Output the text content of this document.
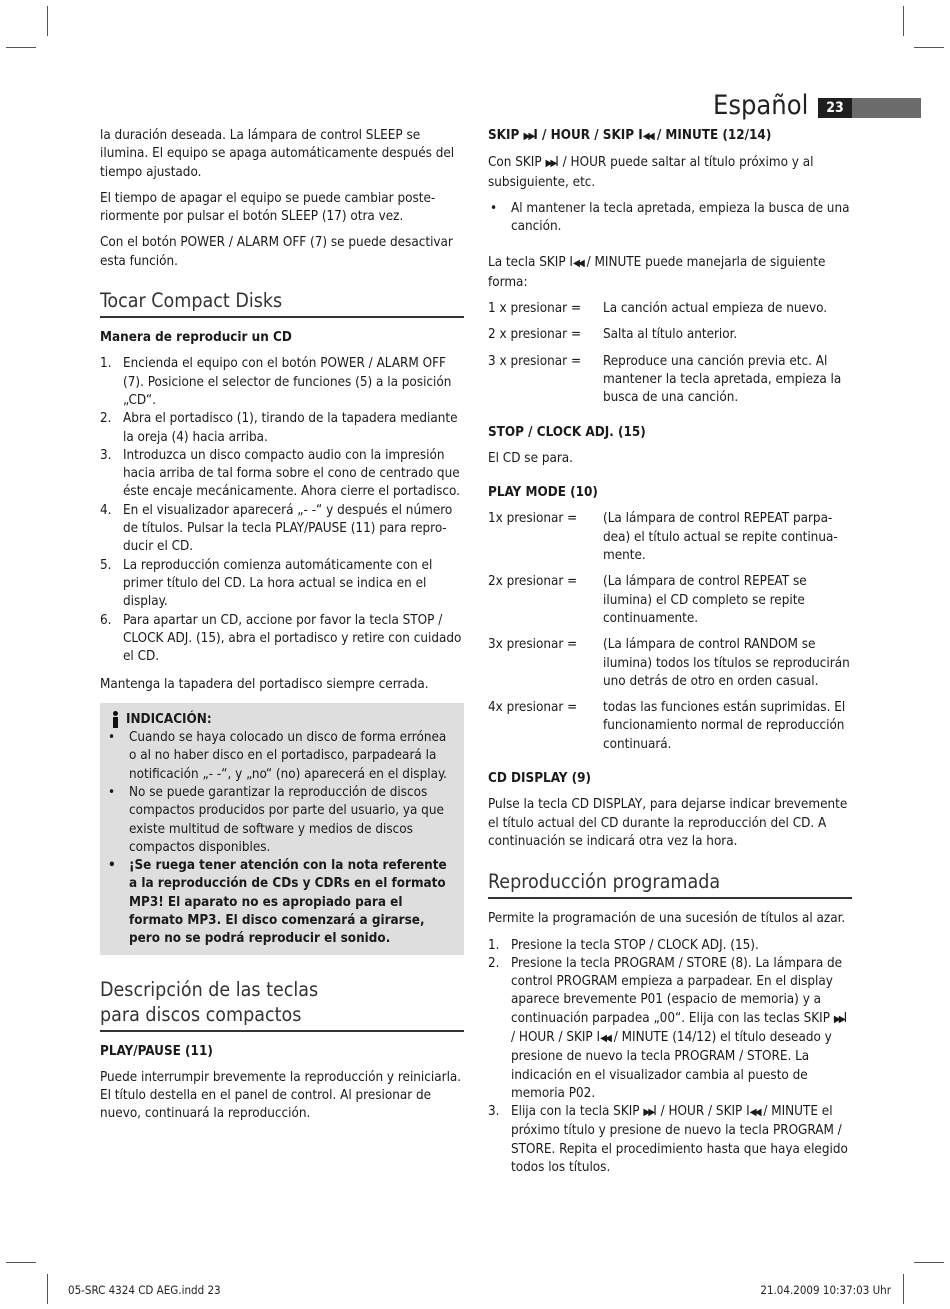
Español	23

la duración deseada. La lámpara de control SLEEP se ilumina. El equipo se apaga automáticamente después del tiempo ajustado.

El tiempo de apagar el equipo se puede cambiar posteriormente por pulsar el botón SLEEP (17) otra vez.

Con el botón POWER / ALARM OFF (7) se puede desactivar esta función.

Tocar Compact Disks
Manera de reproducir un CD
1. Encienda el equipo con el botón POWER / ALARM OFF (7). Posicione el selector de funciones (5) a la posición „CD“.
2. Abra el portadisco (1), tirando de la tapadera mediante la oreja (4) hacia arriba.
3. Introduzca un disco compacto audio con la impresión hacia arriba de tal forma sobre el cono de centrado que éste encaje mecánicamente. Ahora cierre el portadisco.
4. En el visualizador aparecerá „- -“ y después el número de títulos. Pulsar la tecla PLAY/PAUSE (11) para reproducir el CD.
5. La reproducción comienza automáticamente con el primer título del CD. La hora actual se indica en el display.
6. Para apartar un CD, accione por favor la tecla STOP / CLOCK ADJ. (15), abra el portadisco y retire con cuidado el CD.

Mantenga la tapadera del portadisco siempre cerrada.

INDICACIÓN:
• Cuando se haya colocado un disco de forma errónea o al no haber disco en el portadisco, parpadeará la notificación „- -“, y „no“ (no) aparecerá en el display.
• No se puede garantizar la reproducción de discos compactos producidos por parte del usuario, ya que existe multitud de software y medios de discos compactos disponibles.
• ¡Se ruega tener atención con la nota referente a la reproducción de CDs y CDRs en el formato MP3! El aparato no es apropiado para el formato MP3. El disco comenzará a girarse, pero no se podrá reproducir el sonido.
Descripción de las teclas
para discos compactos
PLAY/PAUSE (11)

Puede interrumpir brevemente la reproducción y reiniciarla. El título destella en el panel de control. Al presionar de nuevo, continuará la reproducción.

SKIP ▶▶I / HOUR / SKIP I◀◀ / MINUTE (12/14)

Con SKIP ▶▶I / HOUR puede saltar al título próximo y al subsiguiente, etc.

• Al mantener la tecla apretada, empieza la busca de una canción.

La tecla SKIP I◀◀ / MINUTE puede manejarla de siguiente forma:

1 x presionar =	La canción actual empieza de nuevo.
2 x presionar =	Salta al título anterior.
3 x presionar =	Reproduce una canción previa etc. Al mantener la tecla apretada, empieza la busca de una canción.
STOP / CLOCK ADJ. (15)

El CD se para.

PLAY MODE (10)
1x presionar =	(La lámpara de control REPEAT parpadea) el título actual se repite continuamente.
2x presionar =	(La lámpara de control REPEAT se ilumina) el CD completo se repite continuamente.
3x presionar =	(La lámpara de control RANDOM se ilumina) todos los títulos se reproducirán uno detrás de otro en orden casual.
4x presionar =	todas las funciones están suprimidas. El funcionamiento normal de reproducción continuará.
CD DISPLAY (9)

Pulse la tecla CD DISPLAY, para dejarse indicar brevemente el título actual del CD durante la reproducción del CD. A continuación se indicará otra vez la hora.

Reproducción programada

Permite la programación de una sucesión de títulos al azar.

1. Presione la tecla STOP / CLOCK ADJ. (15).
2. Presione la tecla PROGRAM / STORE (8). La lámpara de control PROGRAM empieza a parpadear. En el display aparece brevemente P01 (espacio de memoria) y a continuación parpadea „00“. Elija con las teclas SKIP ▶▶I / HOUR / SKIP I◀◀ / MINUTE (14/12) el título deseado y presione de nuevo la tecla PROGRAM / STORE. La indicación en el visualizador cambia al puesto de memoria P02.
3. Elija con la tecla SKIP ▶▶I / HOUR / SKIP I◀◀ / MINUTE el próximo título y presione de nuevo la tecla PROGRAM / STORE. Repita el procedimiento hasta que haya elegido todos los títulos.
05-SRC 4324 CD AEG.indd 23	21.04.2009 10:37:03 Uhr
